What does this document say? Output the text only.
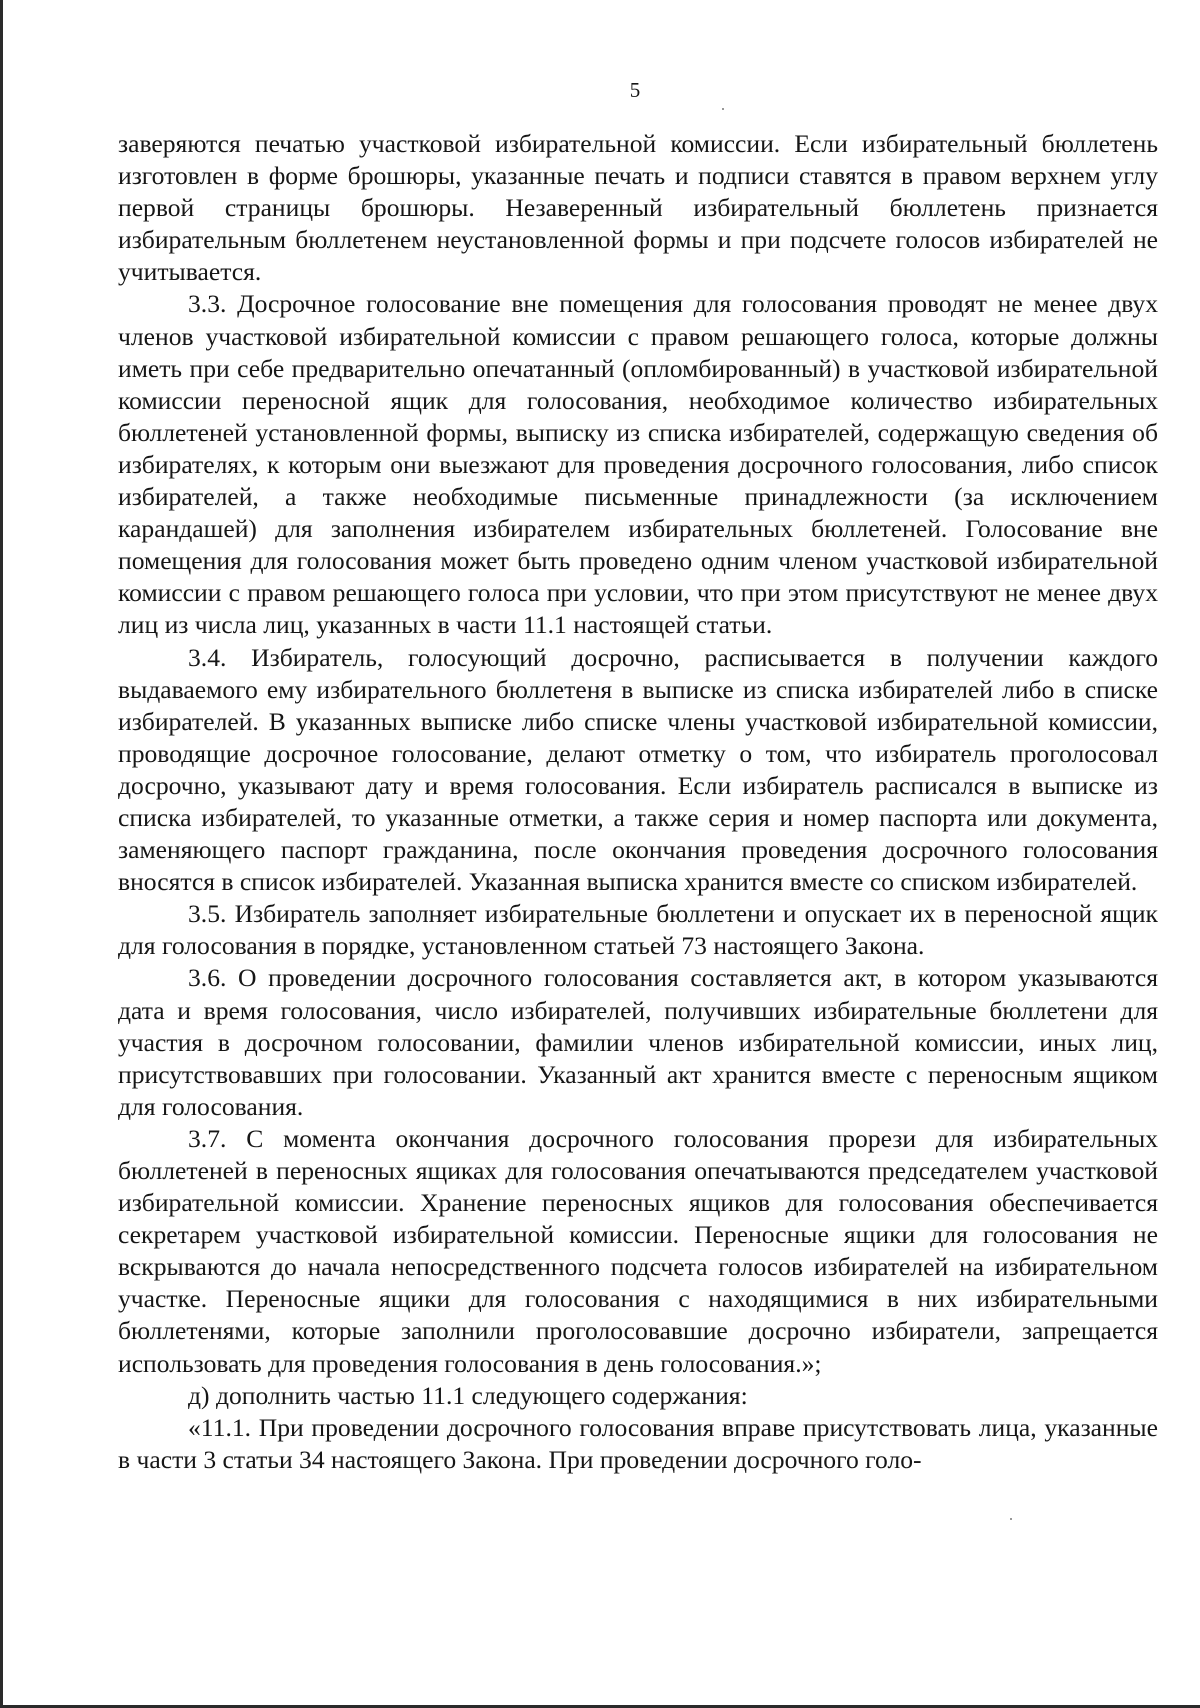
5

заверяются печатью участковой избирательной комиссии. Если избирательный бюллетень изготовлен в форме брошюры, указанные печать и подписи ставятся в правом верхнем углу первой страницы брошюры. Незаверенный избирательный бюллетень признается избирательным бюллетенем неустановленной формы и при подсчете голосов избирателей не учитывается.

3.3. Досрочное голосование вне помещения для голосования проводят не менее двух членов участковой избирательной комиссии с правом решающего голоса, которые должны иметь при себе предварительно опечатанный (опломбированный) в участковой избирательной комиссии переносной ящик для голосования, необходимое количество избирательных бюллетеней установленной формы, выписку из списка избирателей, содержащую сведения об избирателях, к которым они выезжают для проведения досрочного голосования, либо список избирателей, а также необходимые письменные принадлежности (за исключением карандашей) для заполнения избирателем избирательных бюллетеней. Голосование вне помещения для голосования может быть проведено одним членом участковой избирательной комиссии с правом решающего голоса при условии, что при этом присутствуют не менее двух лиц из числа лиц, указанных в части 11.1 настоящей статьи.

3.4. Избиратель, голосующий досрочно, расписывается в получении каждого выдаваемого ему избирательного бюллетеня в выписке из списка избирателей либо в списке избирателей. В указанных выписке либо списке члены участковой избирательной комиссии, проводящие досрочное голосование, делают отметку о том, что избиратель проголосовал досрочно, указывают дату и время голосования. Если избиратель расписался в выписке из списка избирателей, то указанные отметки, а также серия и номер паспорта или документа, заменяющего паспорт гражданина, после окончания проведения досрочного голосования вносятся в список избирателей. Указанная выписка хранится вместе со списком избирателей.

3.5. Избиратель заполняет избирательные бюллетени и опускает их в переносной ящик для голосования в порядке, установленном статьей 73 настоящего Закона.

3.6. О проведении досрочного голосования составляется акт, в котором указываются дата и время голосования, число избирателей, получивших избирательные бюллетени для участия в досрочном голосовании, фамилии членов избирательной комиссии, иных лиц, присутствовавших при голосовании. Указанный акт хранится вместе с переносным ящиком для голосования.

3.7. С момента окончания досрочного голосования прорези для избирательных бюллетеней в переносных ящиках для голосования опечатываются председателем участковой избирательной комиссии. Хранение переносных ящиков для голосования обеспечивается секретарем участковой избирательной комиссии. Переносные ящики для голосования не вскрываются до начала непосредственного подсчета голосов избирателей на избирательном участке. Переносные ящики для голосования с находящимися в них избирательными бюллетенями, которые заполнили проголосовавшие досрочно избиратели, запрещается использовать для проведения голосования в день голосования.»;

д) дополнить частью 11.1 следующего содержания:

«11.1. При проведении досрочного голосования вправе присутствовать лица, указанные в части 3 статьи 34 настоящего Закона. При проведении досрочного голо-
